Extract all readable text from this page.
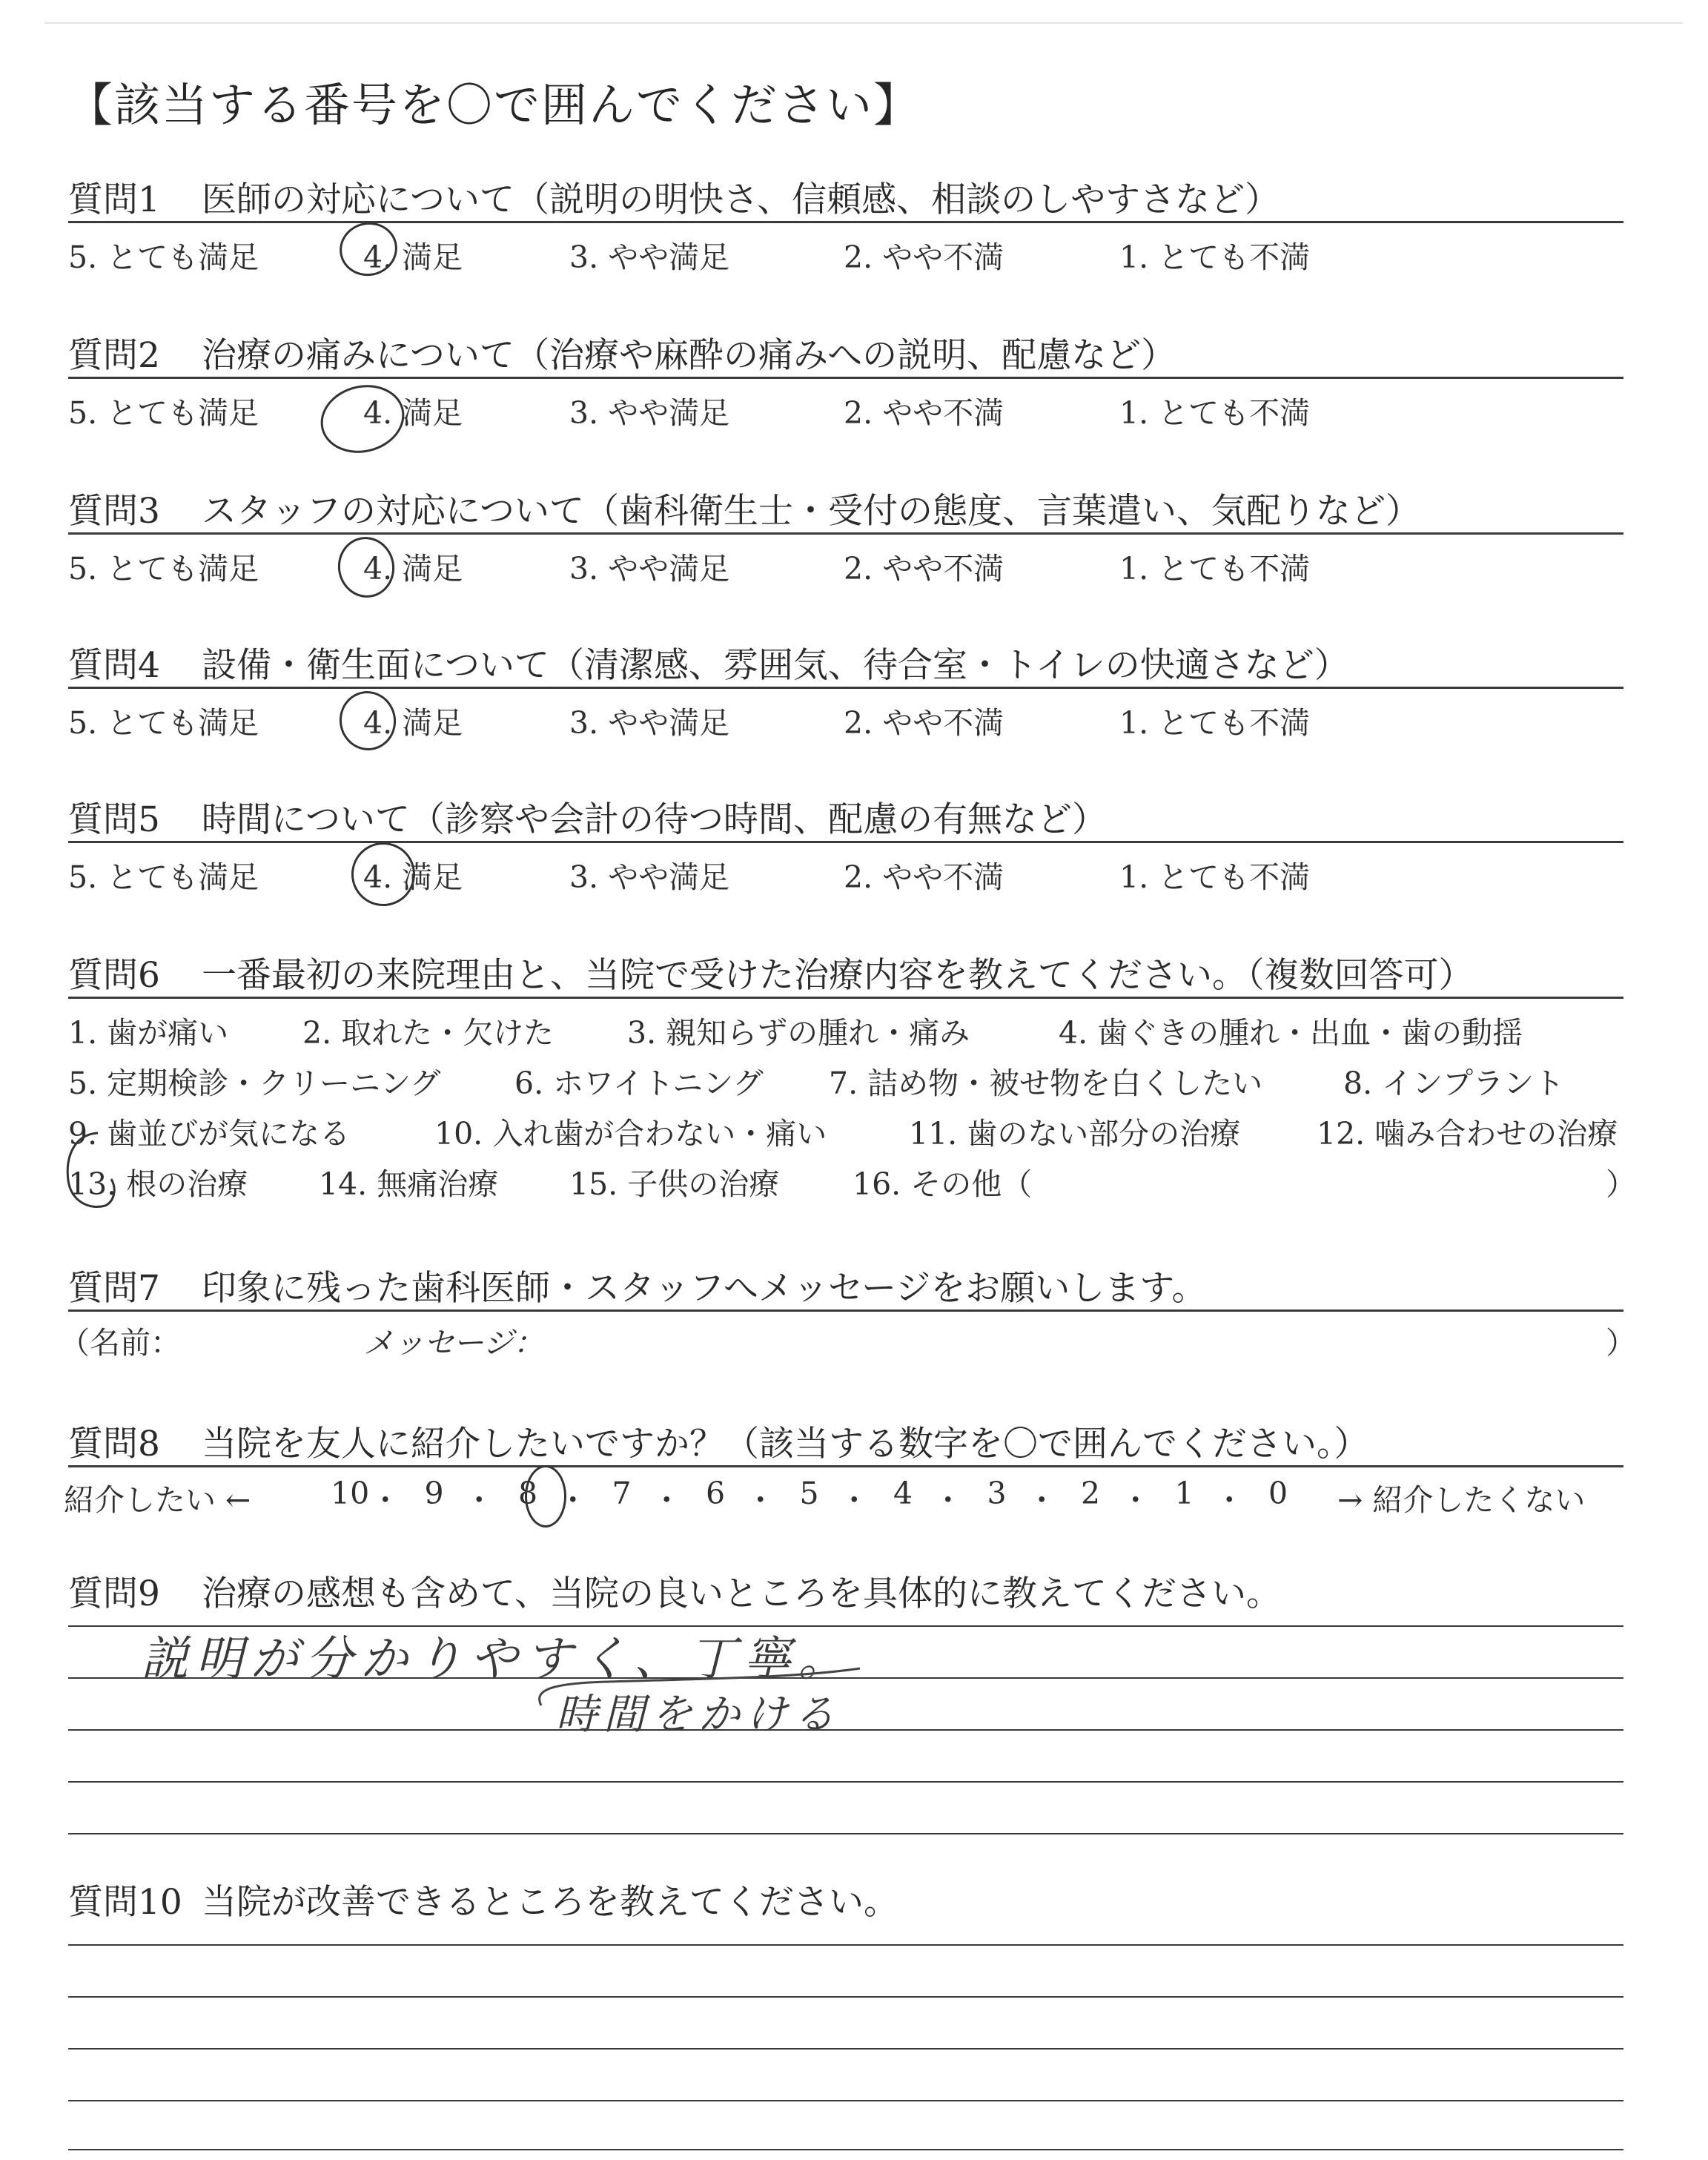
【該当する番号を〇で囲んでください】
質問1 医師の対応について（説明の明快さ、信頼感、相談のしやすさなど）
5. とても満足	4. 満足	3. やや満足	2. やや不満	1. とても不満
質問2 治療の痛みについて（治療や麻酔の痛みへの説明、配慮など）
5. とても満足	4. 満足	3. やや満足	2. やや不満	1. とても不満
質問3 スタッフの対応について（歯科衛生士・受付の態度、言葉遣い、気配りなど）
5. とても満足	4. 満足	3. やや満足	2. やや不満	1. とても不満
質問4 設備・衛生面について（清潔感、雰囲気、待合室・トイレの快適さなど）
5. とても満足	4. 満足	3. やや満足	2. やや不満	1. とても不満
質問5 時間について（診察や会計の待つ時間、配慮の有無など）
5. とても満足	4. 満足	3. やや満足	2. やや不満	1. とても不満
質問6 一番最初の来院理由と、当院で受けた治療内容を教えてください。（複数回答可）
1. 歯が痛い 2. 取れた・欠けた 3. 親知らずの腫れ・痛み	4. 歯ぐきの腫れ・出血・歯の動揺
5. 定期検診・クリーニング 6. ホワイトニング 7. 詰め物・被せ物を白くしたい	8. インプラント
9. 歯並びが気になる	10. 入れ歯が合わない・痛い	11. 歯のない部分の治療	12. 噛み合わせの治療
13. 根の治療 14. 無痛治療 15. 子供の治療 16. その他（	）
質問7 印象に残った歯科医師・スタッフへメッセージをお願いします。
（名前：	メッセージ：	）
質問8 当院を友人に紹介したいですか？（該当する数字を〇で囲んでください。）
紹介したい ←	→ 紹介したくない
10 ・ 9 ・ 8 ・ 7 ・ 6 ・ 5 ・ 4 ・ 3 ・ 2 ・ 1 ・ 0
質問9 治療の感想も含めて、当院の良いところを具体的に教えてください。
説明が分かりやすく、丁寧。
時間をかける
質問10 当院が改善できるところを教えてください。
